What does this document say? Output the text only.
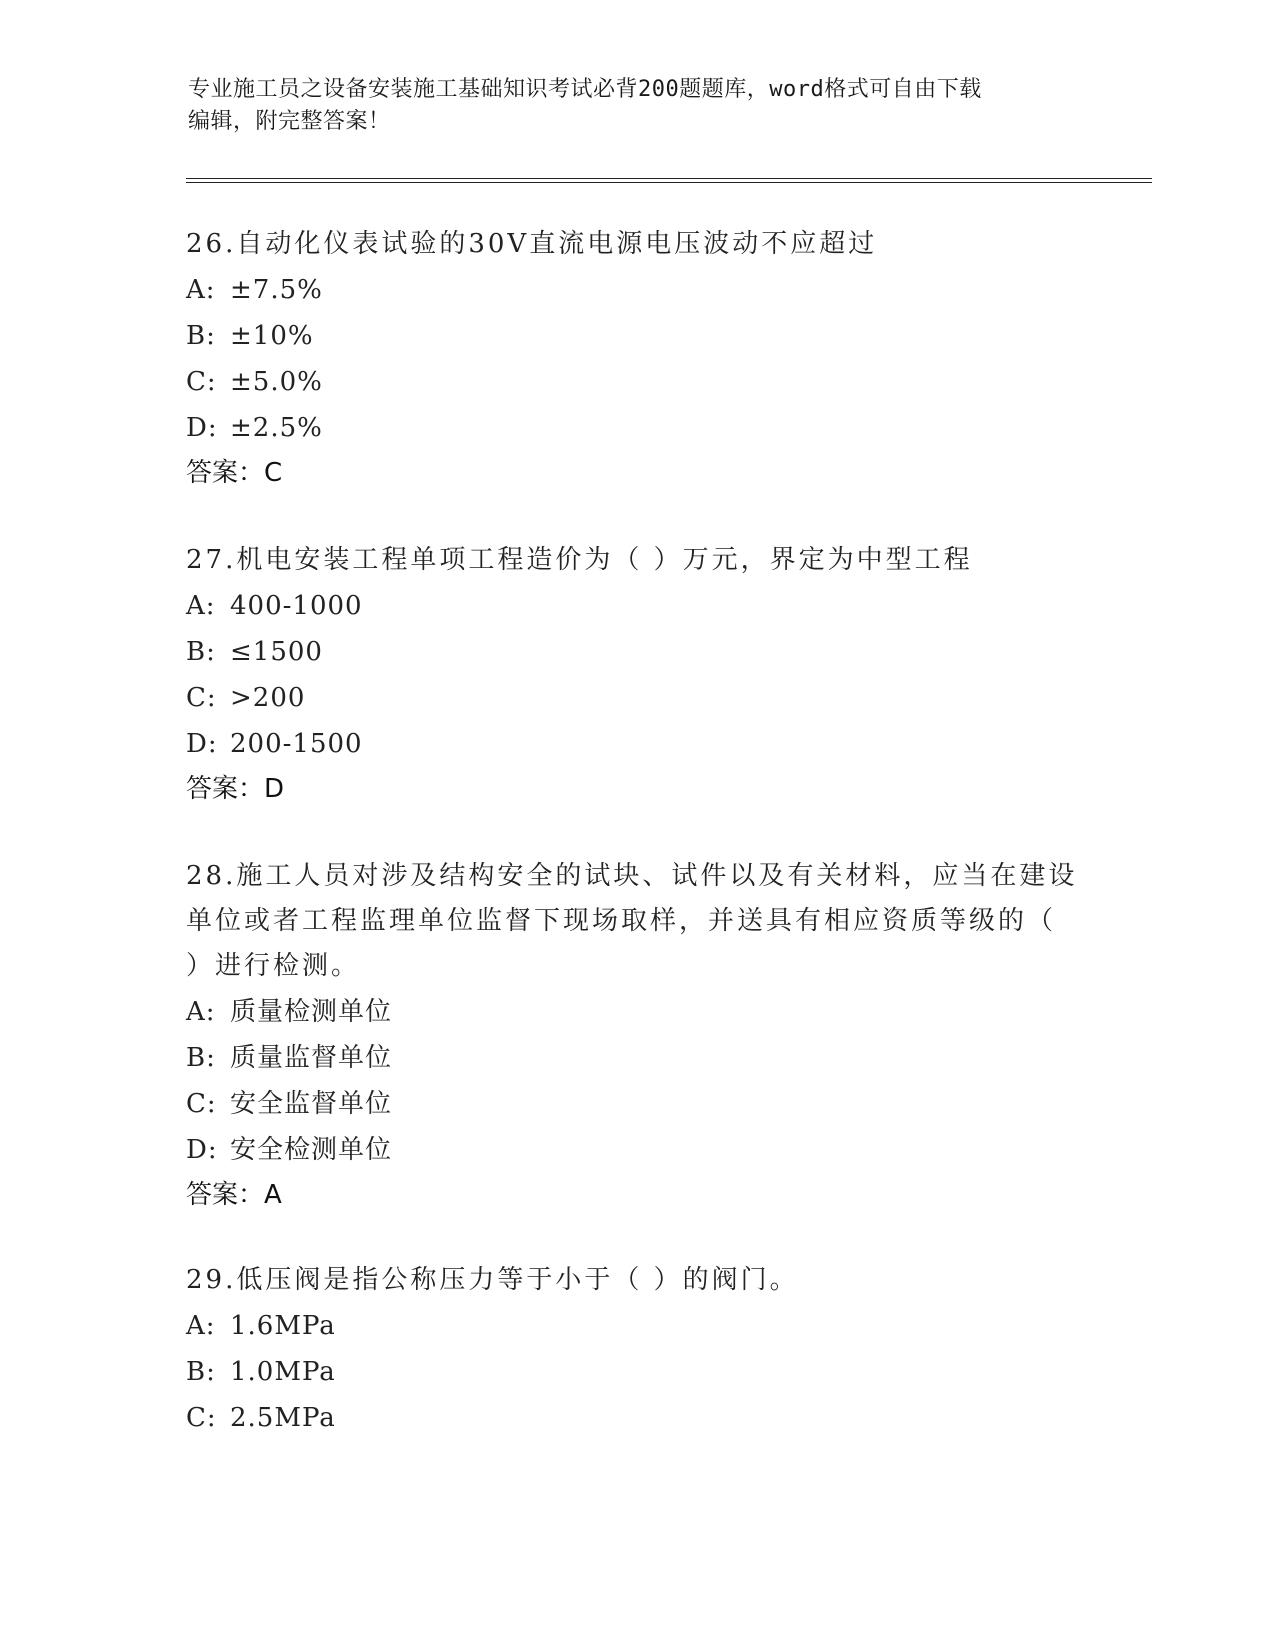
专业施工员之设备安装施工基础知识考试必背200题题库，word格式可自由下载
编辑，附完整答案！

26.自动化仪表试验的30V直流电源电压波动不应超过

A: ±7.5%

B: ±10%

C: ±5.0%

D: ±2.5%

答案：C

27.机电安装工程单项工程造价为（ ）万元，界定为中型工程

A: 400-1000

B: ≤1500

C: >200

D: 200-1500

答案：D

28.施工人员对涉及结构安全的试块、试件以及有关材料，应当在建设

单位或者工程监理单位监督下现场取样，并送具有相应资质等级的（

）进行检测。

A: 质量检测单位

B: 质量监督单位

C: 安全监督单位

D: 安全检测单位

答案：A

29.低压阀是指公称压力等于小于（ ）的阀门。

A: 1.6MPa

B: 1.0MPa

C: 2.5MPa
